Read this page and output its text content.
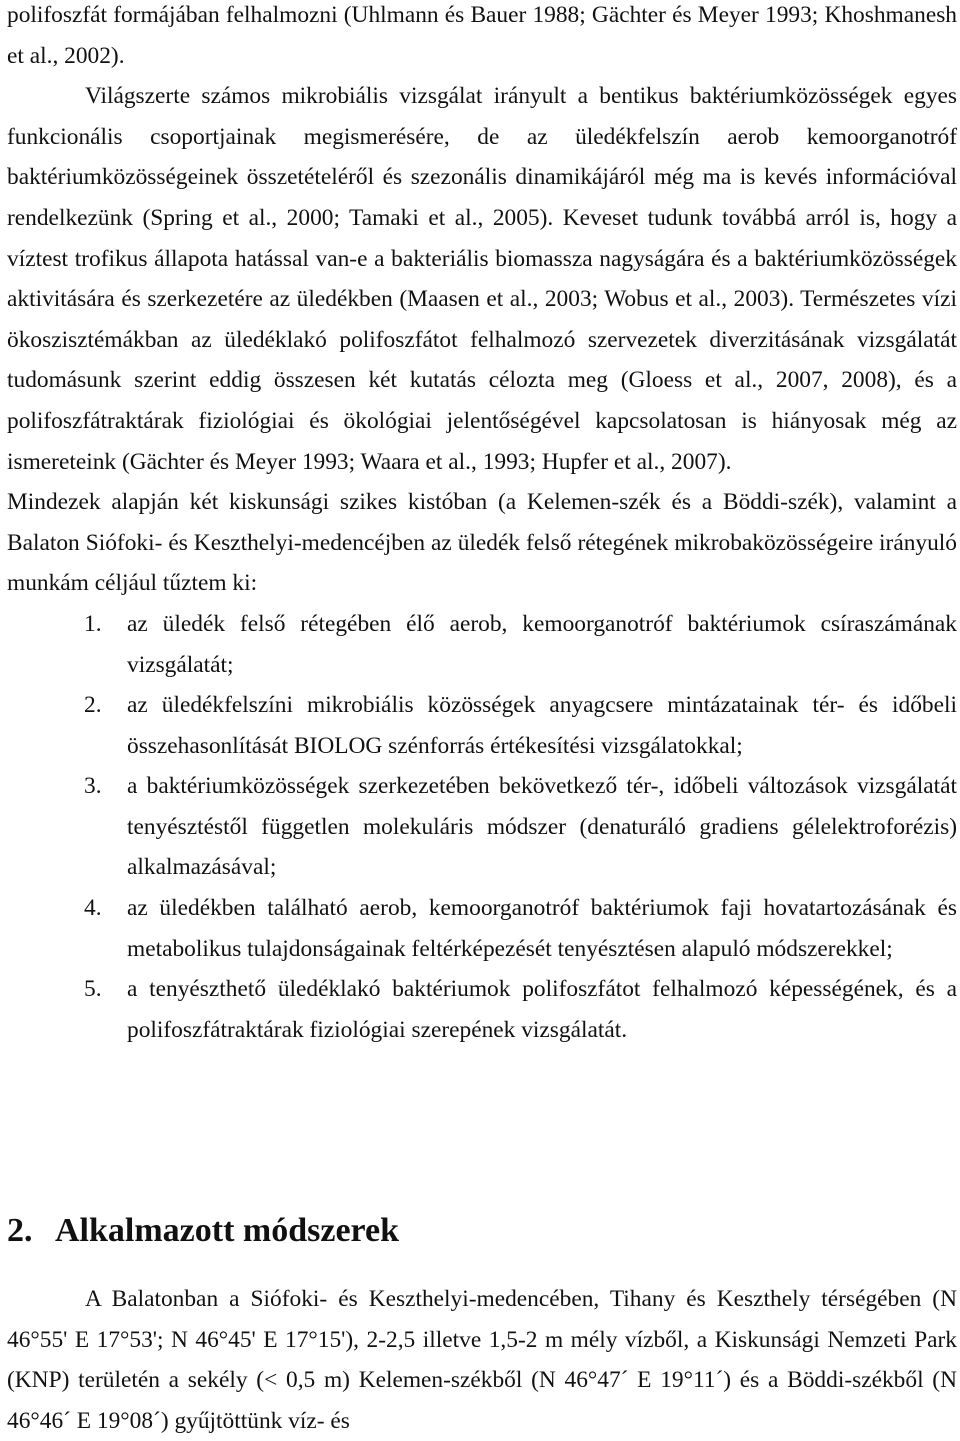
polifoszfát formájában felhalmozni (Uhlmann és Bauer 1988; Gächter és Meyer 1993; Khoshmanesh et al., 2002).

Világszerte számos mikrobiális vizsgálat irányult a bentikus baktériumközösségek egyes funkcionális csoportjainak megismerésére, de az üledékfelszín aerob kemoorganotróf baktériumközösségeinek összetételéről és szezonális dinamikájáról még ma is kevés információval rendelkezünk (Spring et al., 2000; Tamaki et al., 2005). Keveset tudunk továbbá arról is, hogy a víztest trofikus állapota hatással van-e a bakteriális biomassza nagyságára és a baktériumközösségek aktivitására és szerkezetére az üledékben (Maasen et al., 2003; Wobus et al., 2003). Természetes vízi ökoszisztémákban az üledéklakó polifoszfátot felhalmozó szervezetek diverzitásának vizsgálatát tudomásunk szerint eddig összesen két kutatás célozta meg (Gloess et al., 2007, 2008), és a polifoszfátraktárak fiziológiai és ökológiai jelentőségével kapcsolatosan is hiányosak még az ismereteink (Gächter és Meyer 1993; Waara et al., 1993; Hupfer et al., 2007).

Mindezek alapján két kiskunsági szikes kistóban (a Kelemen-szék és a Böddi-szék), valamint a Balaton Siófoki- és Keszthelyi-medencéjben az üledék felső rétegének mikrobaközösségeire irányuló munkám céljául tűztem ki:

1. az üledék felső rétegében élő aerob, kemoorganotróf baktériumok csíraszámának vizsgálatát;
2. az üledékfelszíni mikrobiális közösségek anyagcsere mintázatainak tér- és időbeli összehasonlítását BIOLOG szénforrás értékesítési vizsgálatokkal;
3. a baktériumközösségek szerkezetében bekövetkező tér-, időbeli változások vizsgálatát tenyésztéstől független molekuláris módszer (denaturáló gradiens gélelektroforézis) alkalmazásával;
4. az üledékben található aerob, kemoorganotróf baktériumok faji hovatartozásának és metabolikus tulajdonságainak feltérképezését tenyésztésen alapuló módszerekkel;
5. a tenyészthető üledéklakó baktériumok polifoszfátot felhalmozó képességének, és a polifoszfátraktárak fiziológiai szerepének vizsgálatát.
2. Alkalmazott módszerek

A Balatonban a Siófoki- és Keszthelyi-medencében, Tihany és Keszthely térségében (N 46°55' E 17°53'; N 46°45' E 17°15'), 2-2,5 illetve 1,5-2 m mély vízből, a Kiskunsági Nemzeti Park (KNP) területén a sekély (< 0,5 m) Kelemen-székből (N 46°47´ E 19°11´) és a Böddi-székből (N 46°46´ E 19°08´) gyűjtöttünk víz- és
